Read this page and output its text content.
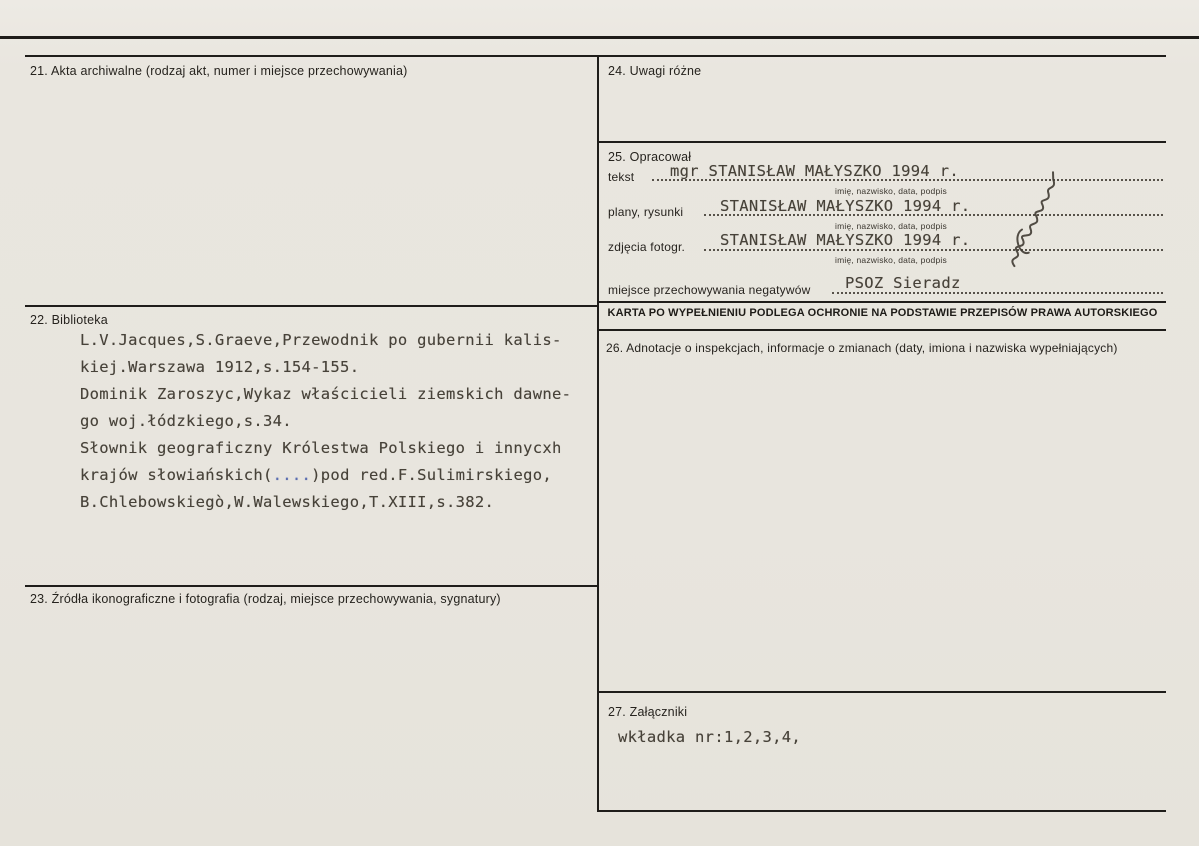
21. Akta archiwalne (rodzaj akt, numer i miejsce przechowywania)
22. Biblioteka
L.V.Jacques,S.Graeve,Przewodnik po gubernii kalis-
kiej.Warszawa 1912,s.154-155.
Dominik Zaroszyc,Wykaz właścicieli ziemskich dawne-
go woj.łódzkiego,s.34.
Słownik geograficzny Królestwa Polskiego i innycxh
krajów słowiańskich(....)pod red.F.Sulimirskiego,
B.Chlebowskiegò,W.Walewskiego,T.XIII,s.382.
23. Źródła ikonograficzne i fotografia (rodzaj, miejsce przechowywania, sygnatury)
24. Uwagi różne
25. Opracował
tekst mgr STANISŁAW MAŁYSZKO 1994 r.
imię, nazwisko, data, podpis
plany, rysunki STANISŁAW MAŁYSZKO 1994 r.
imię, nazwisko, data, podpis
zdjęcia fotogr. STANISŁAW MAŁYSZKO 1994 r.
imię, nazwisko, data, podpis
miejsce przechowywania negatywów PSOZ Sieradz
KARTA PO WYPEŁNIENIU PODLEGA OCHRONIE NA PODSTAWIE PRZEPISÓW PRAWA AUTORSKIEGO
26. Adnotacje o inspekcjach, informacje o zmianach (daty, imiona i nazwiska wypełniających)
27. Załączniki
wkładka nr:1,2,3,4,
